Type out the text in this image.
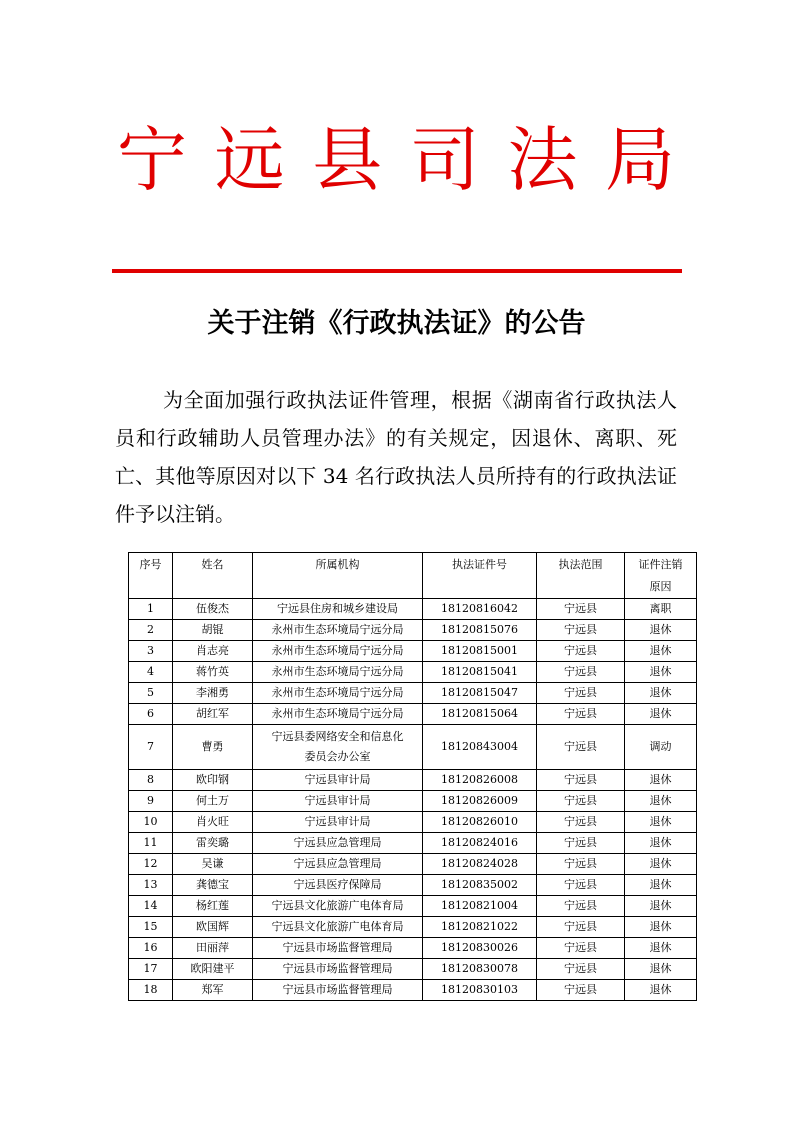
宁 远 县 司 法 局
关于注销《行政执法证》的公告
为全面加强行政执法证件管理，根据《湖南省行政执法人员和行政辅助人员管理办法》的有关规定，因退休、离职、死亡、其他等原因对以下 34 名行政执法人员所持有的行政执法证件予以注销。
序号	姓名	所属机构	执法证件号	执法范围	证件注销
原因

1	伍俊杰	宁远县住房和城乡建设局	18120816042	宁远县	离职
2	胡锟	永州市生态环境局宁远分局	18120815076	宁远县	退休
3	肖志亮	永州市生态环境局宁远分局	18120815001	宁远县	退休
4	蒋竹英	永州市生态环境局宁远分局	18120815041	宁远县	退休
5	李湘勇	永州市生态环境局宁远分局	18120815047	宁远县	退休
6	胡红军	永州市生态环境局宁远分局	18120815064	宁远县	退休
7	曹勇	宁远县委网络安全和信息化
委员会办公室	18120843004	宁远县	调动
8	欧印钢	宁远县审计局	18120826008	宁远县	退休
9	何土万	宁远县审计局	18120826009	宁远县	退休
10	肖火旺	宁远县审计局	18120826010	宁远县	退休
11	雷奕璐	宁远县应急管理局	18120824016	宁远县	退休
12	吴谦	宁远县应急管理局	18120824028	宁远县	退休
13	龚德宝	宁远县医疗保障局	18120835002	宁远县	退休
14	杨红莲	宁远县文化旅游广电体育局	18120821004	宁远县	退休
15	欧国辉	宁远县文化旅游广电体育局	18120821022	宁远县	退休
16	田丽萍	宁远县市场监督管理局	18120830026	宁远县	退休
17	欧阳建平	宁远县市场监督管理局	18120830078	宁远县	退休
18	郑军	宁远县市场监督管理局	18120830103	宁远县	退休
